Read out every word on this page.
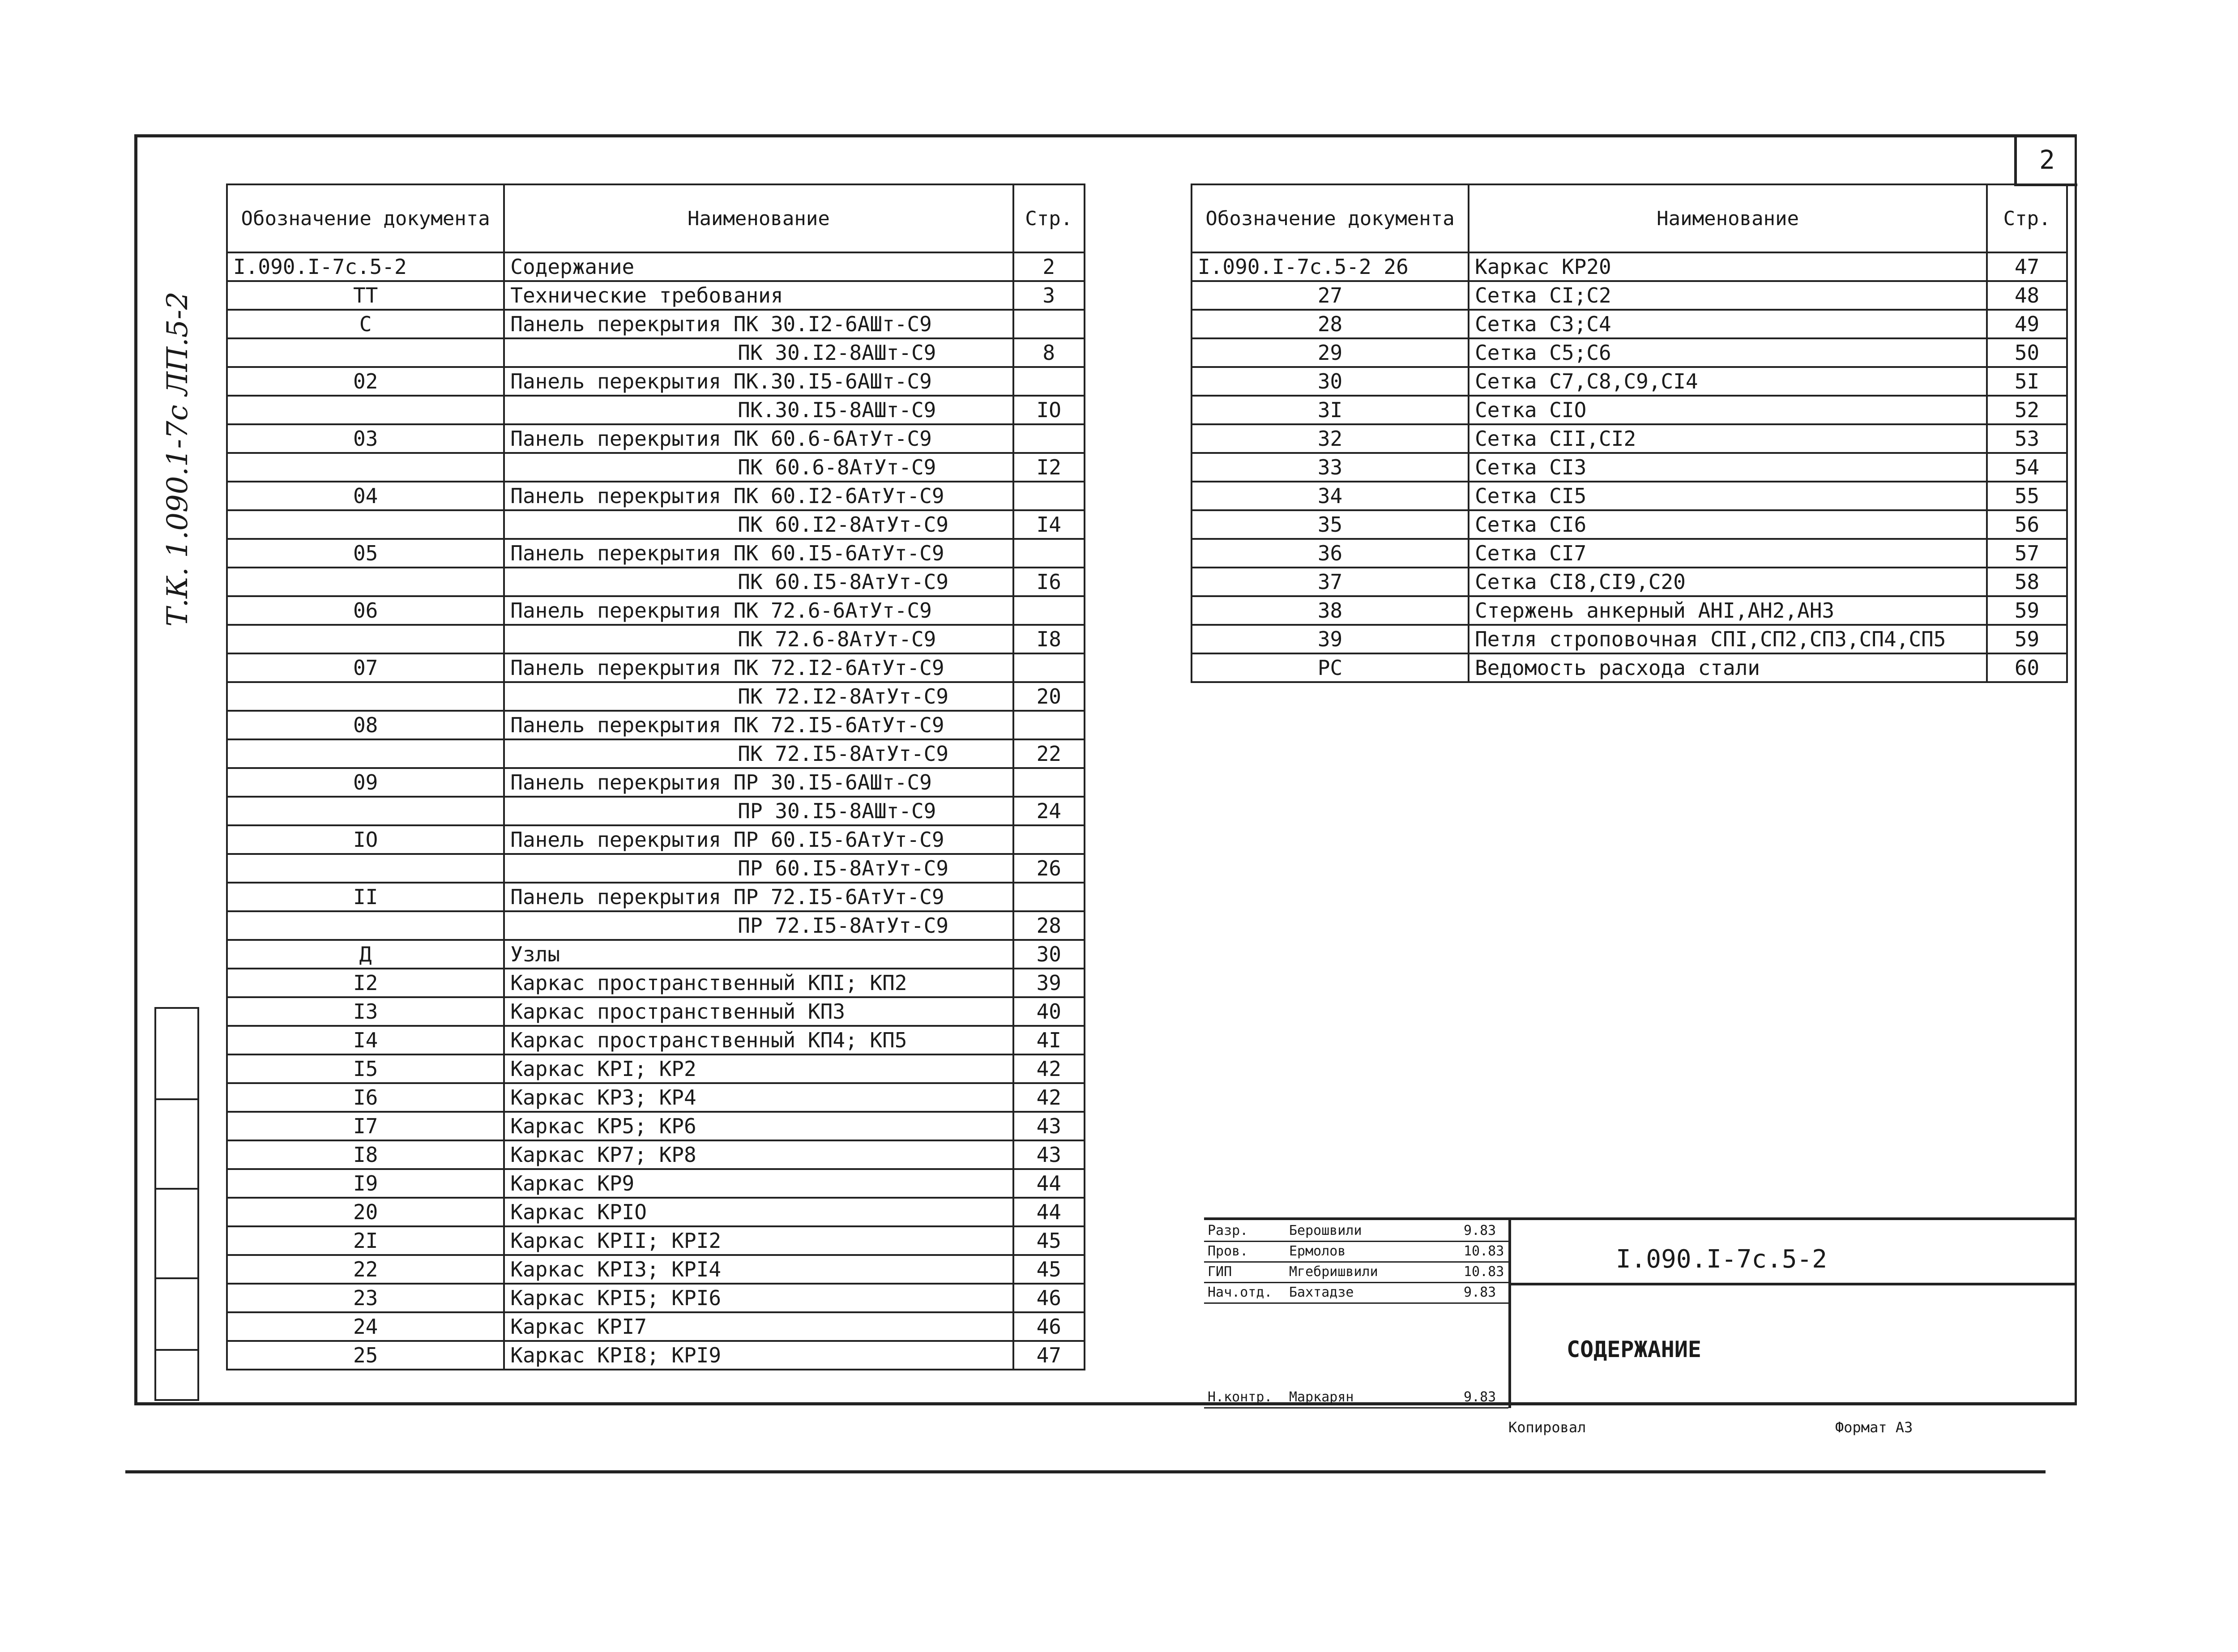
2
Т.К. 1.090.1-7с ЛП.5-2
Обозначение документа	Наименование	Стр.
I.090.I-7с.5-2	Содержание	2
ТТ	Технические требования	3
С	Панель перекрытия ПК 30.I2-6АШт-С9	
	ПК 30.I2-8АШт-С9	8
02	Панель перекрытия ПК.30.I5-6АШт-С9	
	ПК.30.I5-8АШт-С9	IО
03	Панель перекрытия ПК 60.6-6АтУт-С9	
	ПК 60.6-8АтУт-С9	I2
04	Панель перекрытия ПК 60.I2-6АтУт-С9	
	ПК 60.I2-8АтУт-С9	I4
05	Панель перекрытия ПК 60.I5-6АтУт-С9	
	ПК 60.I5-8АтУт-С9	I6
06	Панель перекрытия ПК 72.6-6АтУт-С9	
	ПК 72.6-8АтУт-С9	I8
07	Панель перекрытия ПК 72.I2-6АтУт-С9	
	ПК 72.I2-8АтУт-С9	20
08	Панель перекрытия ПК 72.I5-6АтУт-С9	
	ПК 72.I5-8АтУт-С9	22
09	Панель перекрытия ПР 30.I5-6АШт-С9	
	ПР 30.I5-8АШт-С9	24
IО	Панель перекрытия ПР 60.I5-6АтУт-С9	
	ПР 60.I5-8АтУт-С9	26
II	Панель перекрытия ПР 72.I5-6АтУт-С9	
	ПР 72.I5-8АтУт-С9	28
Д	Узлы	30
I2	Каркас пространственный КПI; КП2	39
I3	Каркас пространственный КП3	40
I4	Каркас пространственный КП4; КП5	4I
I5	Каркас КРI; КР2	42
I6	Каркас КР3; КР4	42
I7	Каркас КР5; КР6	43
I8	Каркас КР7; КР8	43
I9	Каркас КР9	44
20	Каркас КРIО	44
2I	Каркас КРII; КРI2	45
22	Каркас КРI3; КРI4	45
23	Каркас КРI5; КРI6	46
24	Каркас КРI7	46
25	Каркас КРI8; КРI9	47
Обозначение документа	Наименование	Стр.
I.090.I-7с.5-2 26	Каркас КР20	47
27	Сетка СI;С2	48
28	Сетка С3;С4	49
29	Сетка С5;С6	50
30	Сетка С7,С8,С9,СI4	5I
3I	Сетка СIО	52
32	Сетка СII,СI2	53
33	Сетка СI3	54
34	Сетка СI5	55
35	Сетка СI6	56
36	Сетка СI7	57
37	Сетка СI8,СI9,С20	58
38	Стержень анкерный АНI,АН2,АН3	59
39	Петля строповочная СПI,СП2,СП3,СП4,СП5	59
РС	Ведомость расхода стали	60
Разр.	Берошвили	9.83
Пров.	Ермолов	10.83
ГИП	Мгебришвили	10.83
Нач.отд. Бахтадзе	9.83
Н.контр. Маркарян	9.83
I.090.I-7с.5-2
СОДЕРЖАНИЕ
Копировал	Формат А3
